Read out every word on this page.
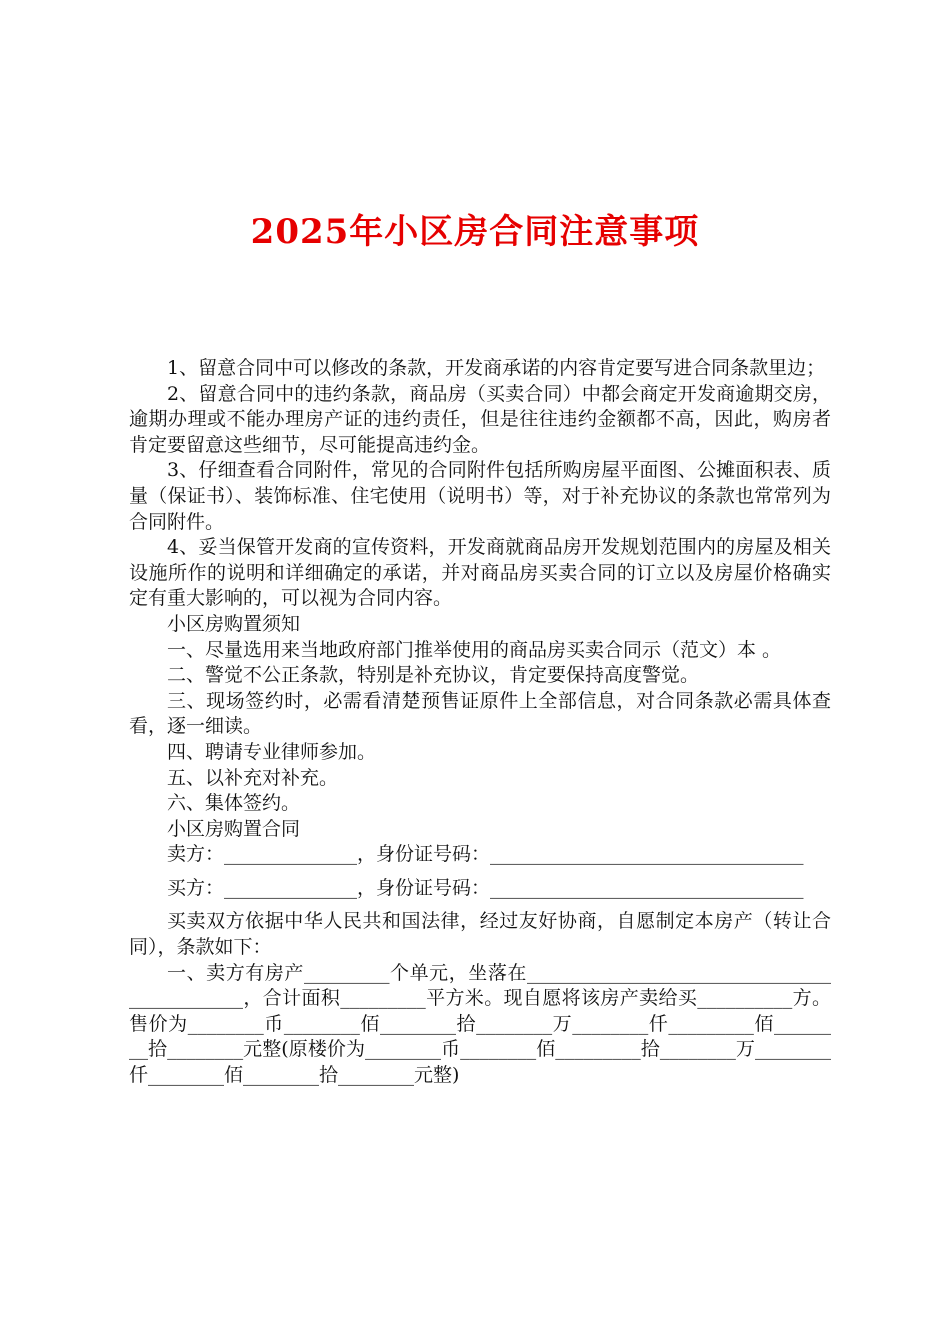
2025年小区房合同注意事项

1、留意合同中可以修改的条款，开发商承诺的内容肯定要写进合同条款里边；

2、留意合同中的违约条款，商品房（买卖合同）中都会商定开发商逾期交房，逾期办理或不能办理房产证的违约责任，但是往往违约金额都不高，因此，购房者肯定要留意这些细节，尽可能提高违约金。

3、仔细查看合同附件，常见的合同附件包括所购房屋平面图、公摊面积表、质量（保证书）、装饰标准、住宅使用（说明书）等，对于补充协议的条款也常常列为合同附件。

4、妥当保管开发商的宣传资料，开发商就商品房开发规划范围内的房屋及相关设施所作的说明和详细确定的承诺，并对商品房买卖合同的订立以及房屋价格确实定有重大影响的，可以视为合同内容。

小区房购置须知

一、尽量选用来当地政府部门推举使用的商品房买卖合同示（范文）本 。

二、警觉不公正条款，特别是补充协议，肯定要保持高度警觉。

三、现场签约时，必需看清楚预售证原件上全部信息，对合同条款必需具体查看，逐一细读。

四、聘请专业律师参加。

五、以补充对补充。

六、集体签约。

小区房购置合同

卖方：______________，身份证号码：_________________________________

买方：______________，身份证号码：_________________________________

买卖双方依据中华人民共和国法律，经过友好协商，自愿制定本房产（转让合同），条款如下：

一、卖方有房产_________个单元，坐落在____________________________________________，合计面积_________平方米。现自愿将该房产卖给买__________方。售价为________币________佰________拾________万________仟_________佰________拾________元整(原楼价为________币________佰_________拾________万________仟________佰________拾________元整)
